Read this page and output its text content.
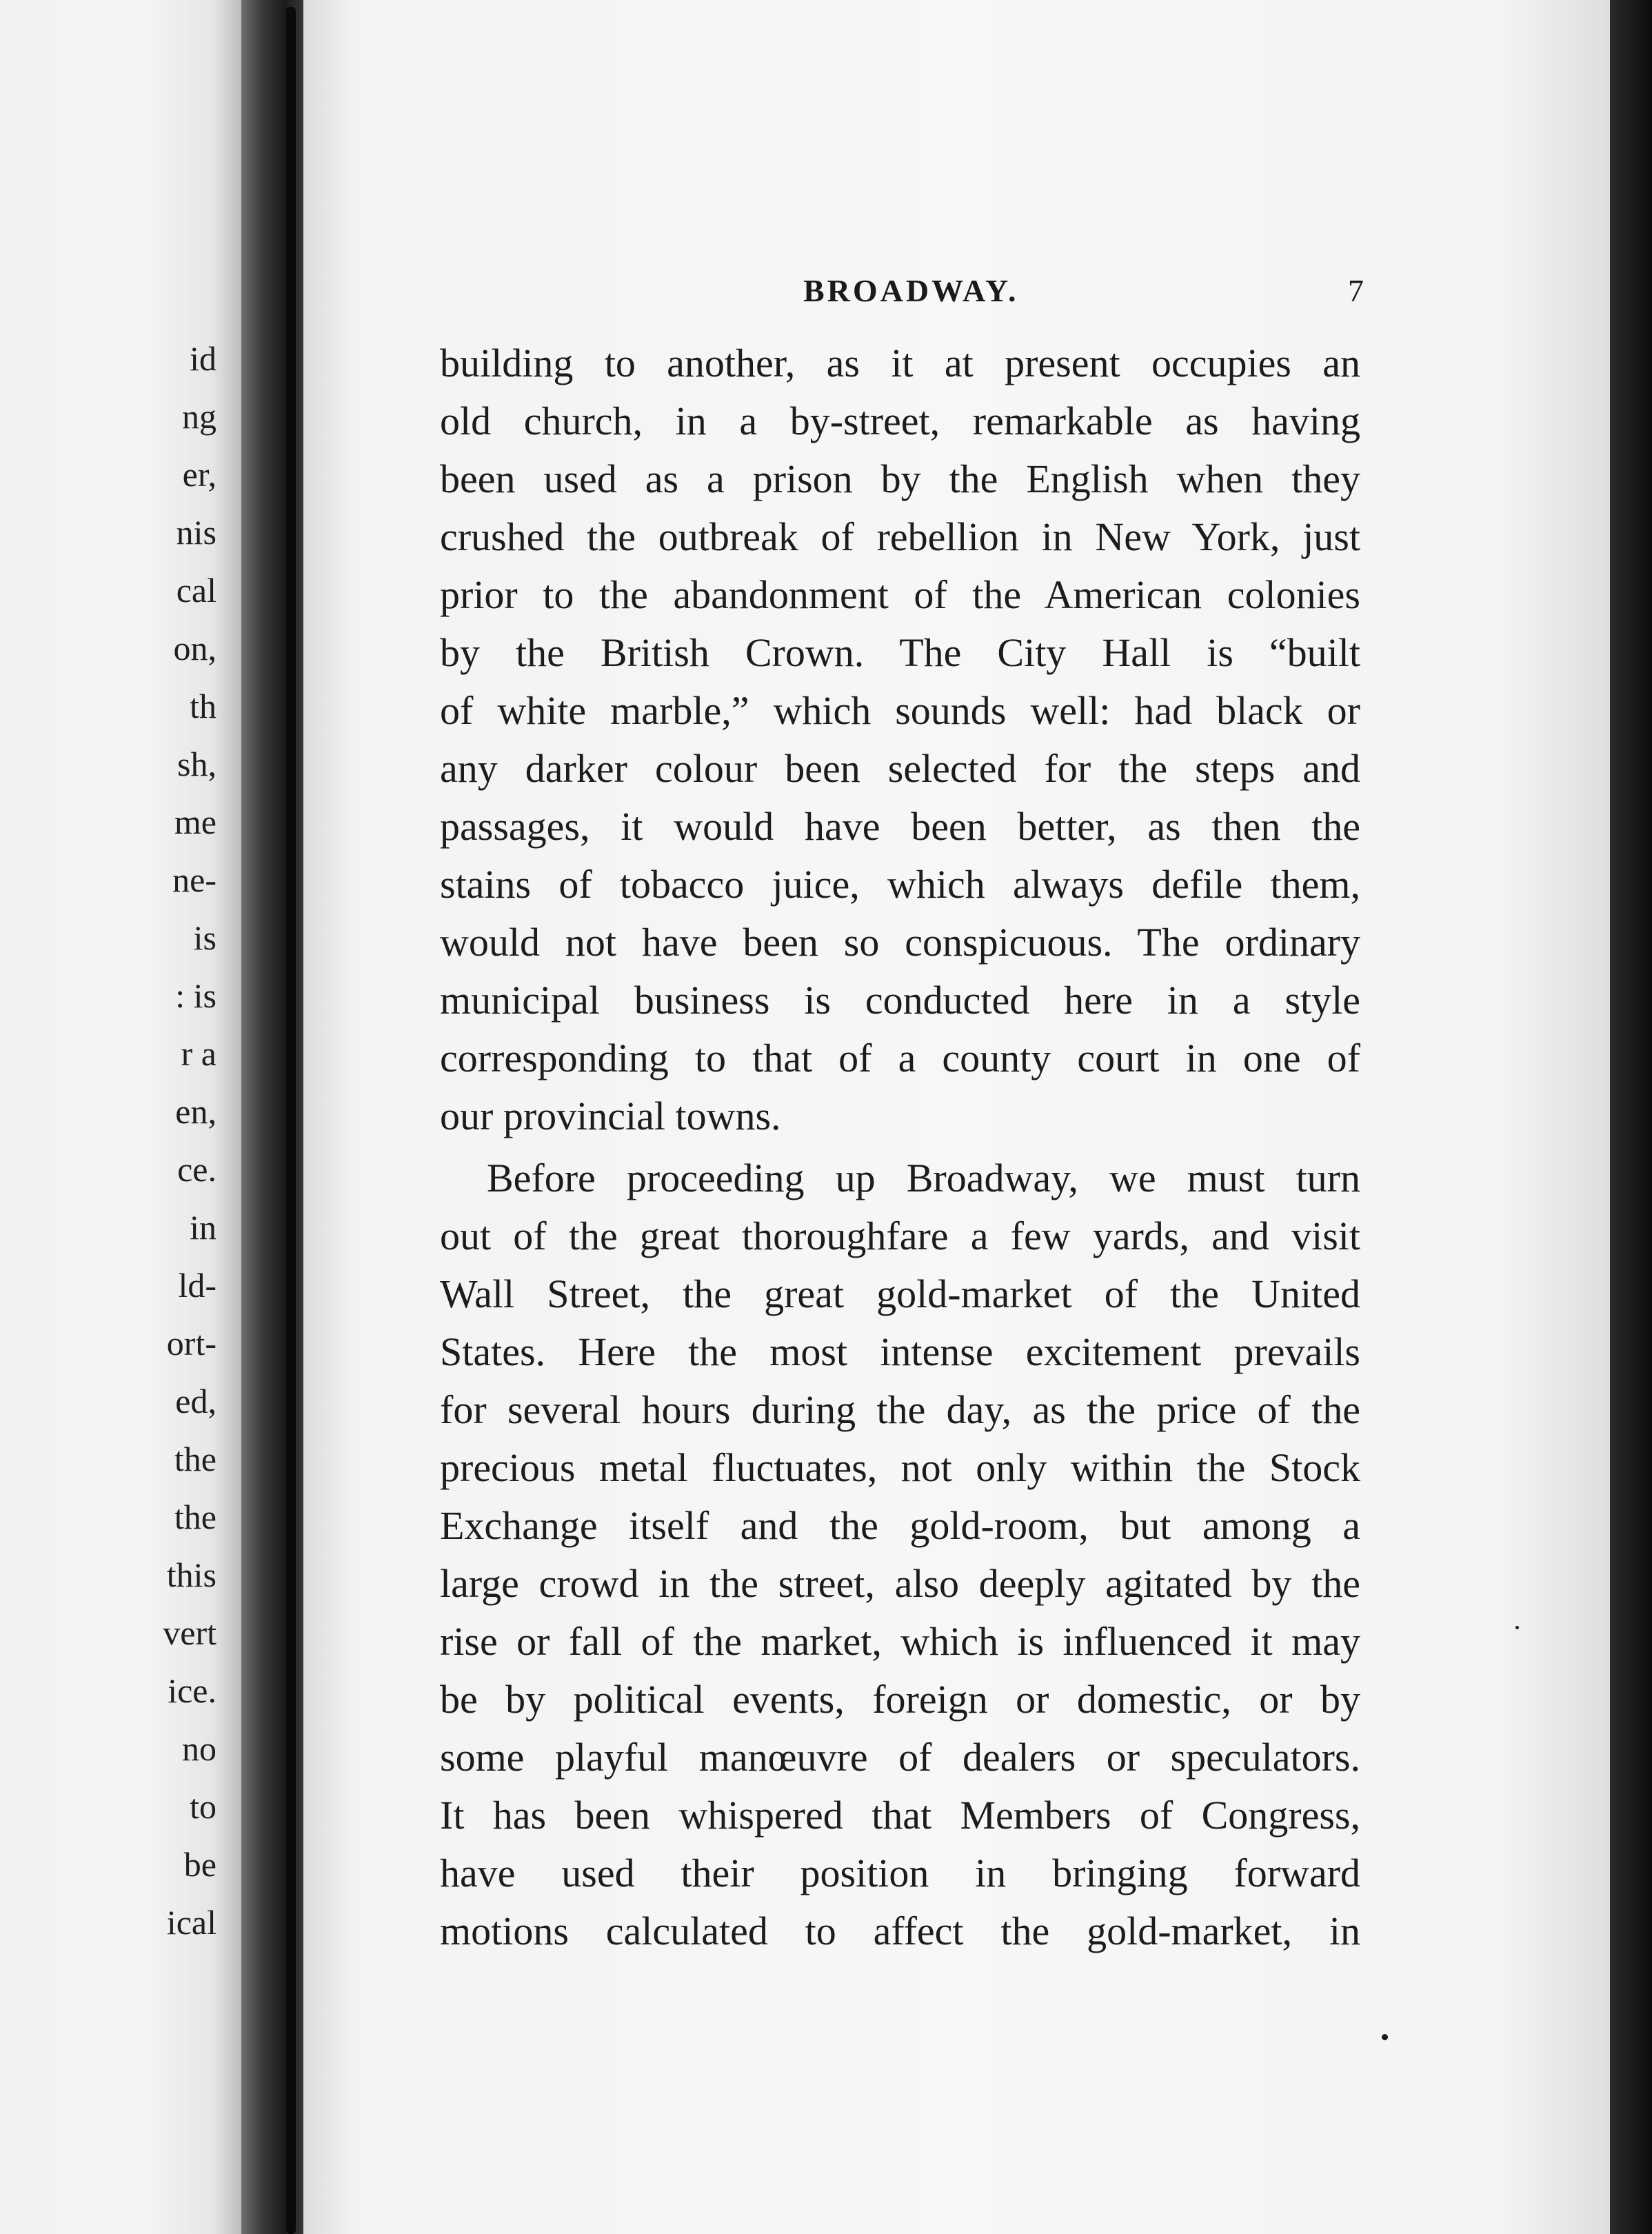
id
ng
er,
nis
cal
on,
th
sh,
me
ne-
is
: is
r a
en,
ce.
in
ld-
ort-
ed,
the
the
this
vert
ice.
no
to
be
ical
BROADWAY.	7
building to another, as it at present occupies an
old church, in a by-street, remarkable as having
been used as a prison by the English when they
crushed the outbreak of rebellion in New York, just
prior to the abandonment of the American colonies
by the British Crown. The City Hall is “built
of white marble,” which sounds well: had black or
any darker colour been selected for the steps and
passages, it would have been better, as then the
stains of tobacco juice, which always defile them,
would not have been so conspicuous. The ordinary
municipal business is conducted here in a style
corresponding to that of a county court in one of
our provincial towns.
Before proceeding up Broadway, we must turn
out of the great thoroughfare a few yards, and visit
Wall Street, the great gold-market of the United
States. Here the most intense excitement prevails
for several hours during the day, as the price of the
precious metal fluctuates, not only within the Stock
Exchange itself and the gold-room, but among a
large crowd in the street, also deeply agitated by the
rise or fall of the market, which is influenced it may
be by political events, foreign or domestic, or by
some playful manœuvre of dealers or speculators.
It has been whispered that Members of Congress,
have used their position in bringing forward
motions calculated to affect the gold-market, in
